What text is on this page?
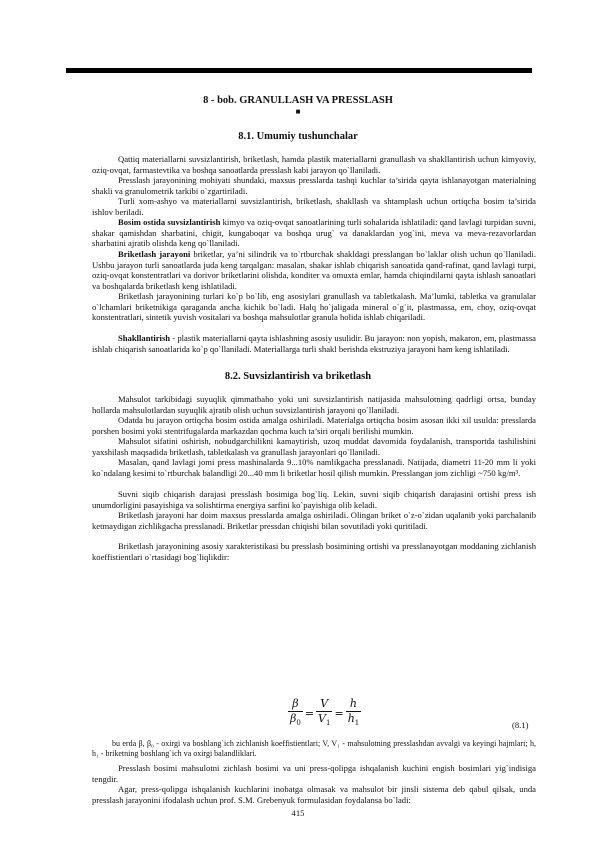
8 - bob. GRANULLASH VA PRESSLASH
■
8.1. Umumiy tushunchalar

Qattiq materiallarni suvsizlantirish, briketlash, hamda plastik materiallarni granullash va shakllantirish uchun kimyoviy, oziq-ovqat, farmastevtika va boshqa sanoatlarda presslash kabi jarayon qo`llaniladi.

Presslash jarayonining mohiyati shundaki, maxsus presslarda tashqi kuchlar ta’sirida qayta ishlanayotgan materialning shakli va granulometrik tarkibi o`zgartiriladi.

Turli xom-ashyo va materiallarni suvsizlantirish, briketlash, shakllash va shtamplash uchun ortiqcha bosim ta’sirida ishlov beriladi.

Bosim ostida suvsizlantirish kimyo va oziq-ovqat sanoatlarining turli sohalarida ishlatiladi: qand lavlagi turpidan suvni, shakar qamishdan sharbatini, chigit, kungaboqar va boshqa urug` va danaklardan yog`ini, meva va meva-rezavorlardan sharbatini ajratib olishda keng qo`llaniladi.

Briketlash jarayoni briketlar, ya’ni silindrik va to`rtburchak shakldagi presslangan bo`laklar olish uchun qo`llaniladi. Ushbu jarayon turli sanoatlarda juda keng tarqalgan: masalan, shakar ishlab chiqarish sanoatida qand-rafinat, qand lavlagi turpi, oziq-ovqat konstentratlari va dorivor briketlarini olishda, konditer va omuxta emlar, hamda chiqindilarni qayta ishlash sanoatlari va boshqalarda briketlash keng ishlatiladi.

Briketlash jarayonining turlari ko`p bo`lib, eng asosiylari granullash va tabletkalash. Ma’lumki, tabletka va granulalar o`lchamlari briketnikiga qaraganda ancha kichik bo`ladi. Halq ho`jaligada mineral o`g`it, plastmassa, em, choy, oziq-ovqat konstentratlari, sintetik yuvish vositalari va boshqa mahsulotlar granula holida ishlab chiqariladi.

Shakllantirish - plastik materiallarni qayta ishlashning asosiy usulidir. Bu jarayon: non yopish, makaron, em, plastmassa ishlab chiqarish sanoatlarida ko`p qo`llaniladi. Materiallarga turli shakl berishda ekstruziya jarayoni ham keng ishlatiladi.

8.2. Suvsizlantirish va briketlash

Mahsulot tarkibidagi suyuqlik qimmatbaho yoki uni suvsizlantirish natijasida mahsulotning qadrligi ortsa, bunday hollarda mahsulotlardan suyuqlik ajratib olish uchun suvsizlantirish jarayoni qo`llaniladi.

Odatda bu jarayon ortiqcha bosim ostida amalga oshiriladi. Materialga ortiqcha bosim asosan ikki xil usulda: presslarda porshen bosimi yoki stentrifugalarda markazdan qochma kuch ta’siri orqali berilishi mumkin.

Mahsulot sifatini oshirish, nobudgarchilikni kamaytirish, uzoq muddat davomida foydalanish, transportda tashilishini yaxshilash maqsadida briketlash, tabletkalash va granullash jarayonlari qo`llaniladi.

Masalan, qand lavlagi jomi press mashinalarda 9...10% namlikgacha presslanadi. Natijada, diametri 11-20 mm li yoki ko`ndalang kesimi to`rtburchak balandligi 20...40 mm li briketlar hosil qilish mumkin. Presslangan jom zichligi ~750 kg/m³.

Suvni siqib chiqarish darajasi presslash bosimiga bog`liq. Lekin, suvni siqib chiqarish darajasini ortishi press ish unumdorligini pasayishiga va solishtirma energiya sarfini ko`payishiga olib keladi.

Briketlash jarayoni har doim maxsus presslarda amalga oshiriladi. Olingan briket o`z-o`zidan uqalanib yoki parchalanib ketmaydigan zichlikgacha presslanadi. Briketlar pressdan chiqishi bilan sovutiladi yoki quritiladi.

Briketlash jarayonining asosiy xarakteristikasi bu presslash bosimining ortishi va presslanayotgan moddaning zichlanish koeffistientlari o`rtasidagi bog`liqlikdir:

$\frac{\beta}{\beta_0} = \frac{V}{V_1} = \frac{h}{h_1}$	(8.1)

bu erda β, β₀ - oxirgi va boshlang`ich zichlanish koeffistientlari; V, V₁ - mahsulotning presslashdan avvalgi va keyingi hajmlari; h, h₁ - briketning boshlang`ich va oxirgi balandliklari.

Presslash bosimi mahsulotni zichlash bosimi va uni press-qolipga ishqalanish kuchini engish bosimlari yig`indisiga tengdir.

Agar, press-qolipga ishqalanish kuchlarini inobatga olmasak va mahsulot bir jinsli sistema deb qabul qilsak, unda presslash jarayonini ifodalash uchun prof. S.M. Grebenyuk formulasidan foydalansa bo`ladi:

415
